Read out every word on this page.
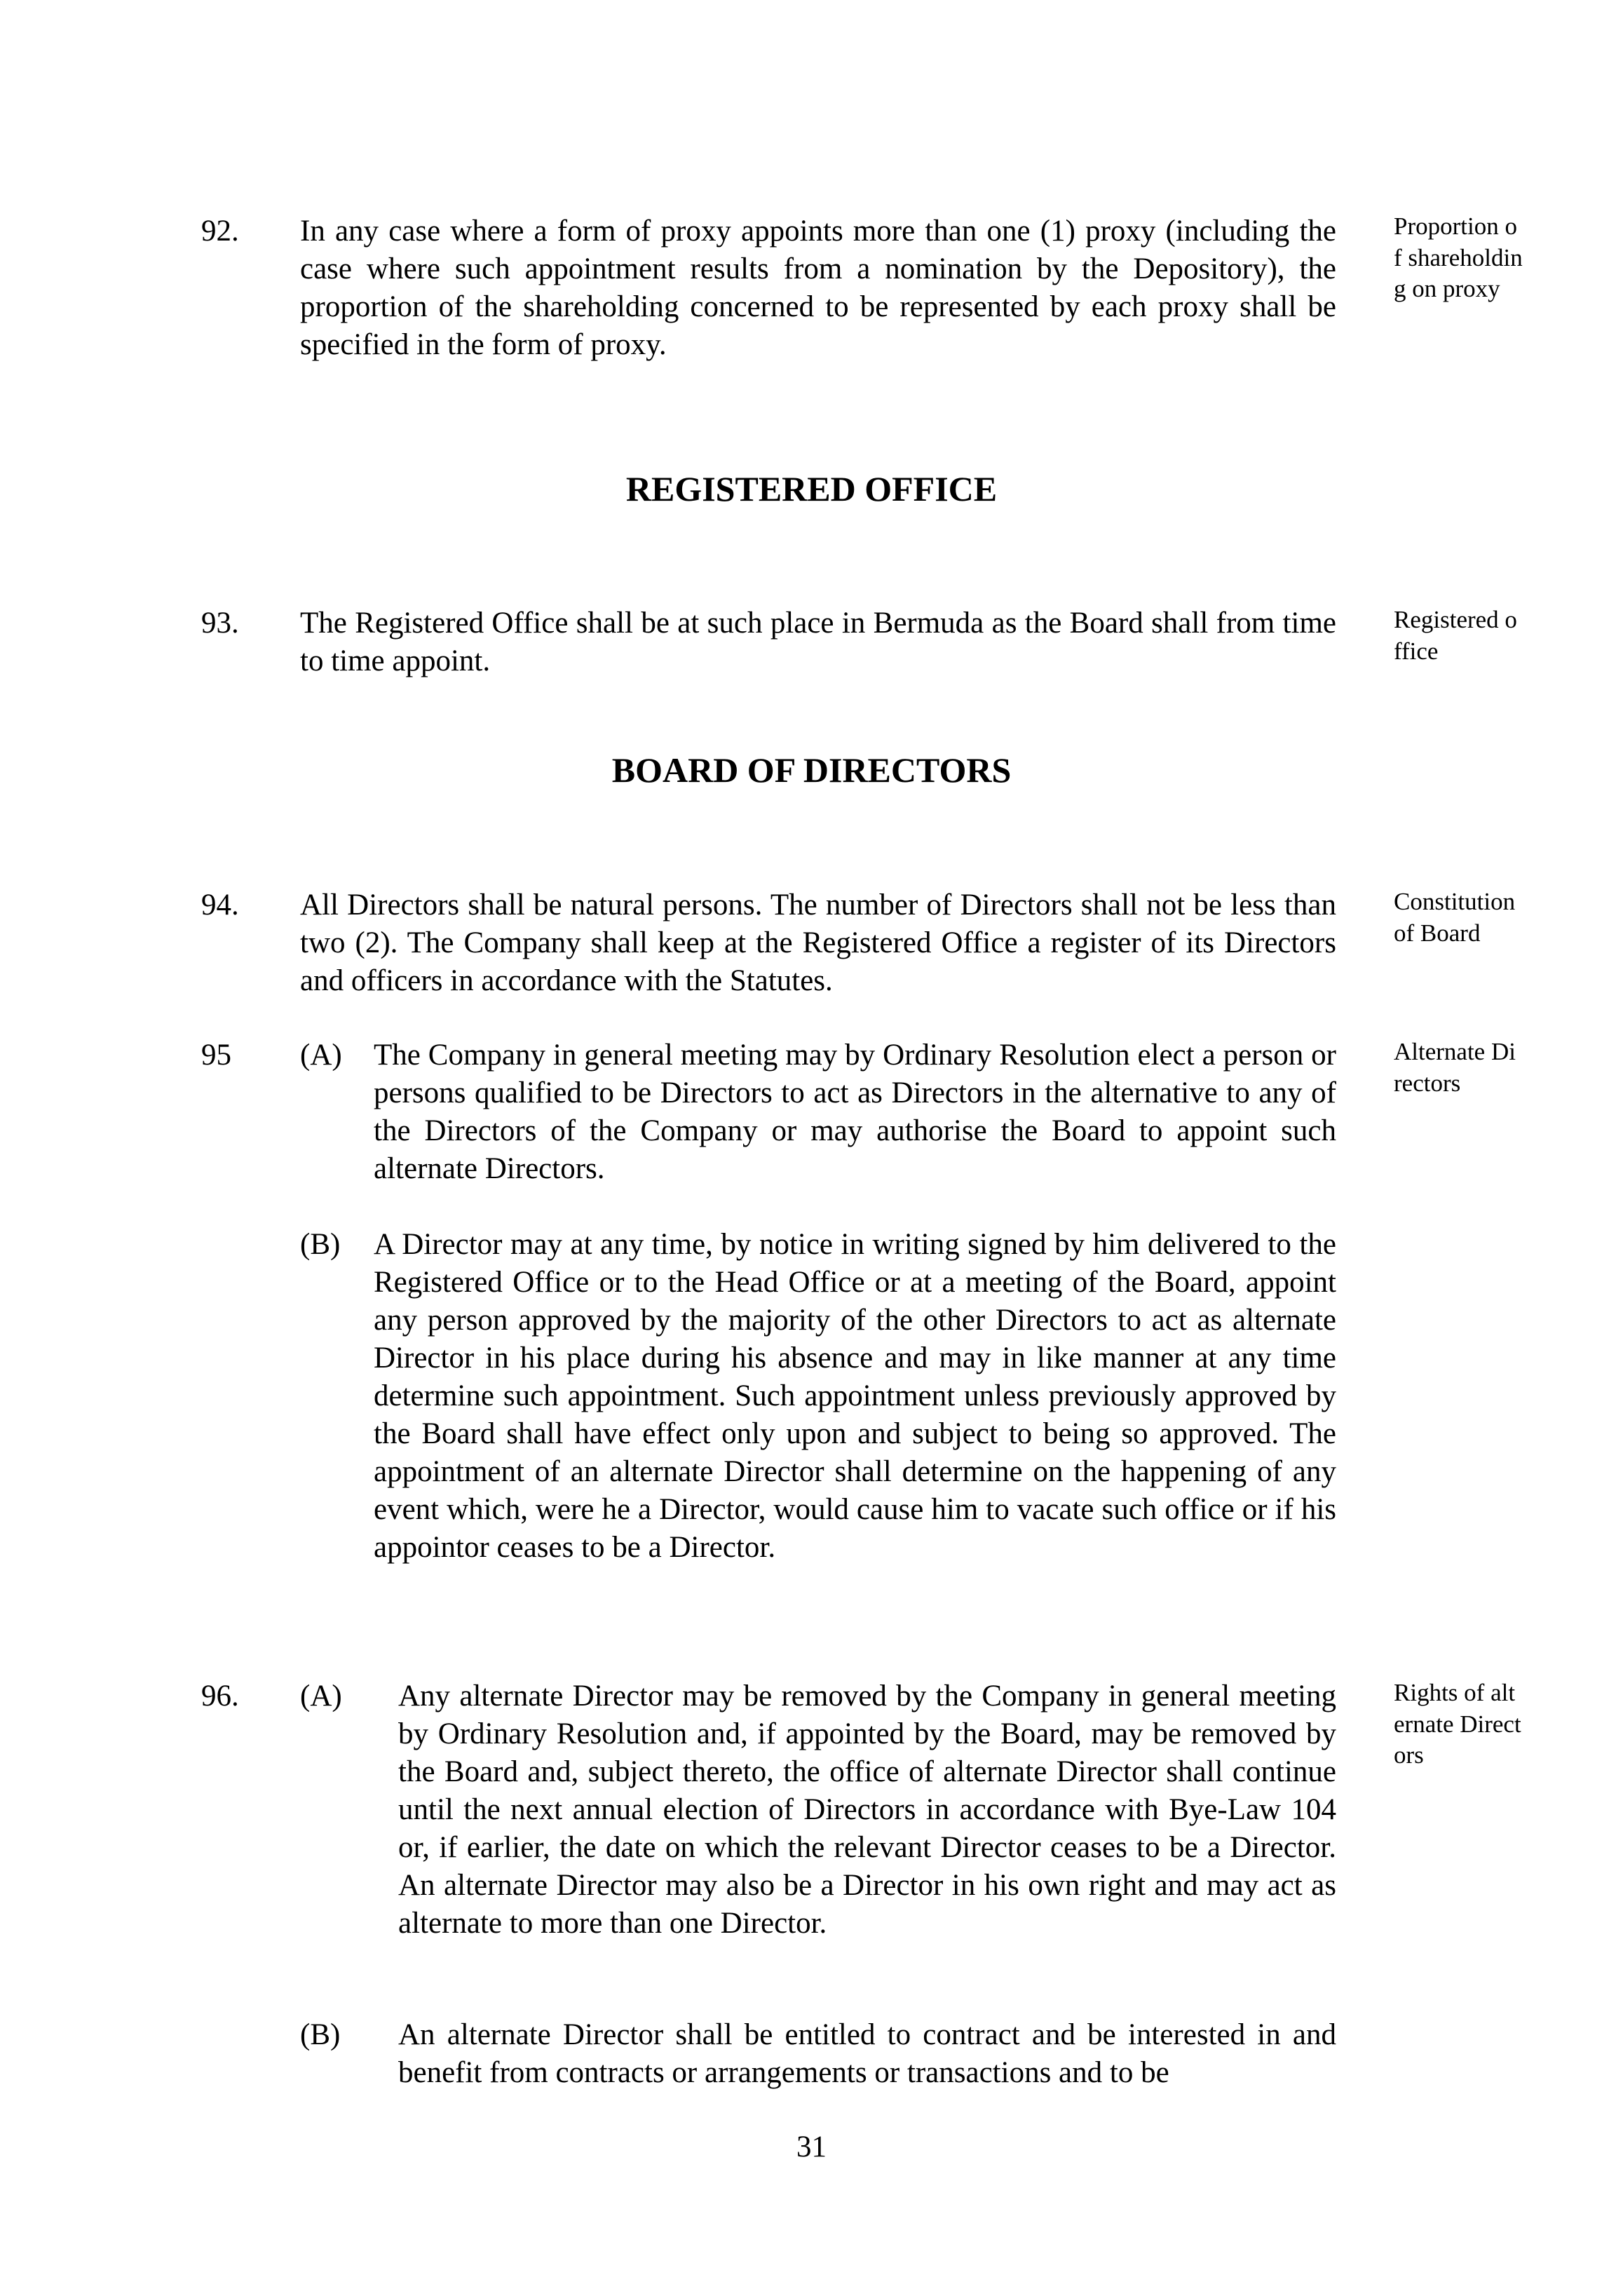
92. In any case where a form of proxy appoints more than one (1) proxy (including the case where such appointment results from a nomination by the Depository), the proportion of the shareholding concerned to be represented by each proxy shall be specified in the form of proxy.
Proportion of shareholding on proxy
REGISTERED OFFICE
93. The Registered Office shall be at such place in Bermuda as the Board shall from time to time appoint.
Registered office
BOARD OF DIRECTORS
94. All Directors shall be natural persons. The number of Directors shall not be less than two (2). The Company shall keep at the Registered Office a register of its Directors and officers in accordance with the Statutes.
Constitution of Board
95 (A) The Company in general meeting may by Ordinary Resolution elect a person or persons qualified to be Directors to act as Directors in the alternative to any of the Directors of the Company or may authorise the Board to appoint such alternate Directors.
Alternate Directors
(B) A Director may at any time, by notice in writing signed by him delivered to the Registered Office or to the Head Office or at a meeting of the Board, appoint any person approved by the majority of the other Directors to act as alternate Director in his place during his absence and may in like manner at any time determine such appointment. Such appointment unless previously approved by the Board shall have effect only upon and subject to being so approved. The appointment of an alternate Director shall determine on the happening of any event which, were he a Director, would cause him to vacate such office or if his appointor ceases to be a Director.
96. (A) Any alternate Director may be removed by the Company in general meeting by Ordinary Resolution and, if appointed by the Board, may be removed by the Board and, subject thereto, the office of alternate Director shall continue until the next annual election of Directors in accordance with Bye-Law 104 or, if earlier, the date on which the relevant Director ceases to be a Director. An alternate Director may also be a Director in his own right and may act as alternate to more than one Director.
Rights of alternate Directors
(B) An alternate Director shall be entitled to contract and be interested in and benefit from contracts or arrangements or transactions and to be
31
